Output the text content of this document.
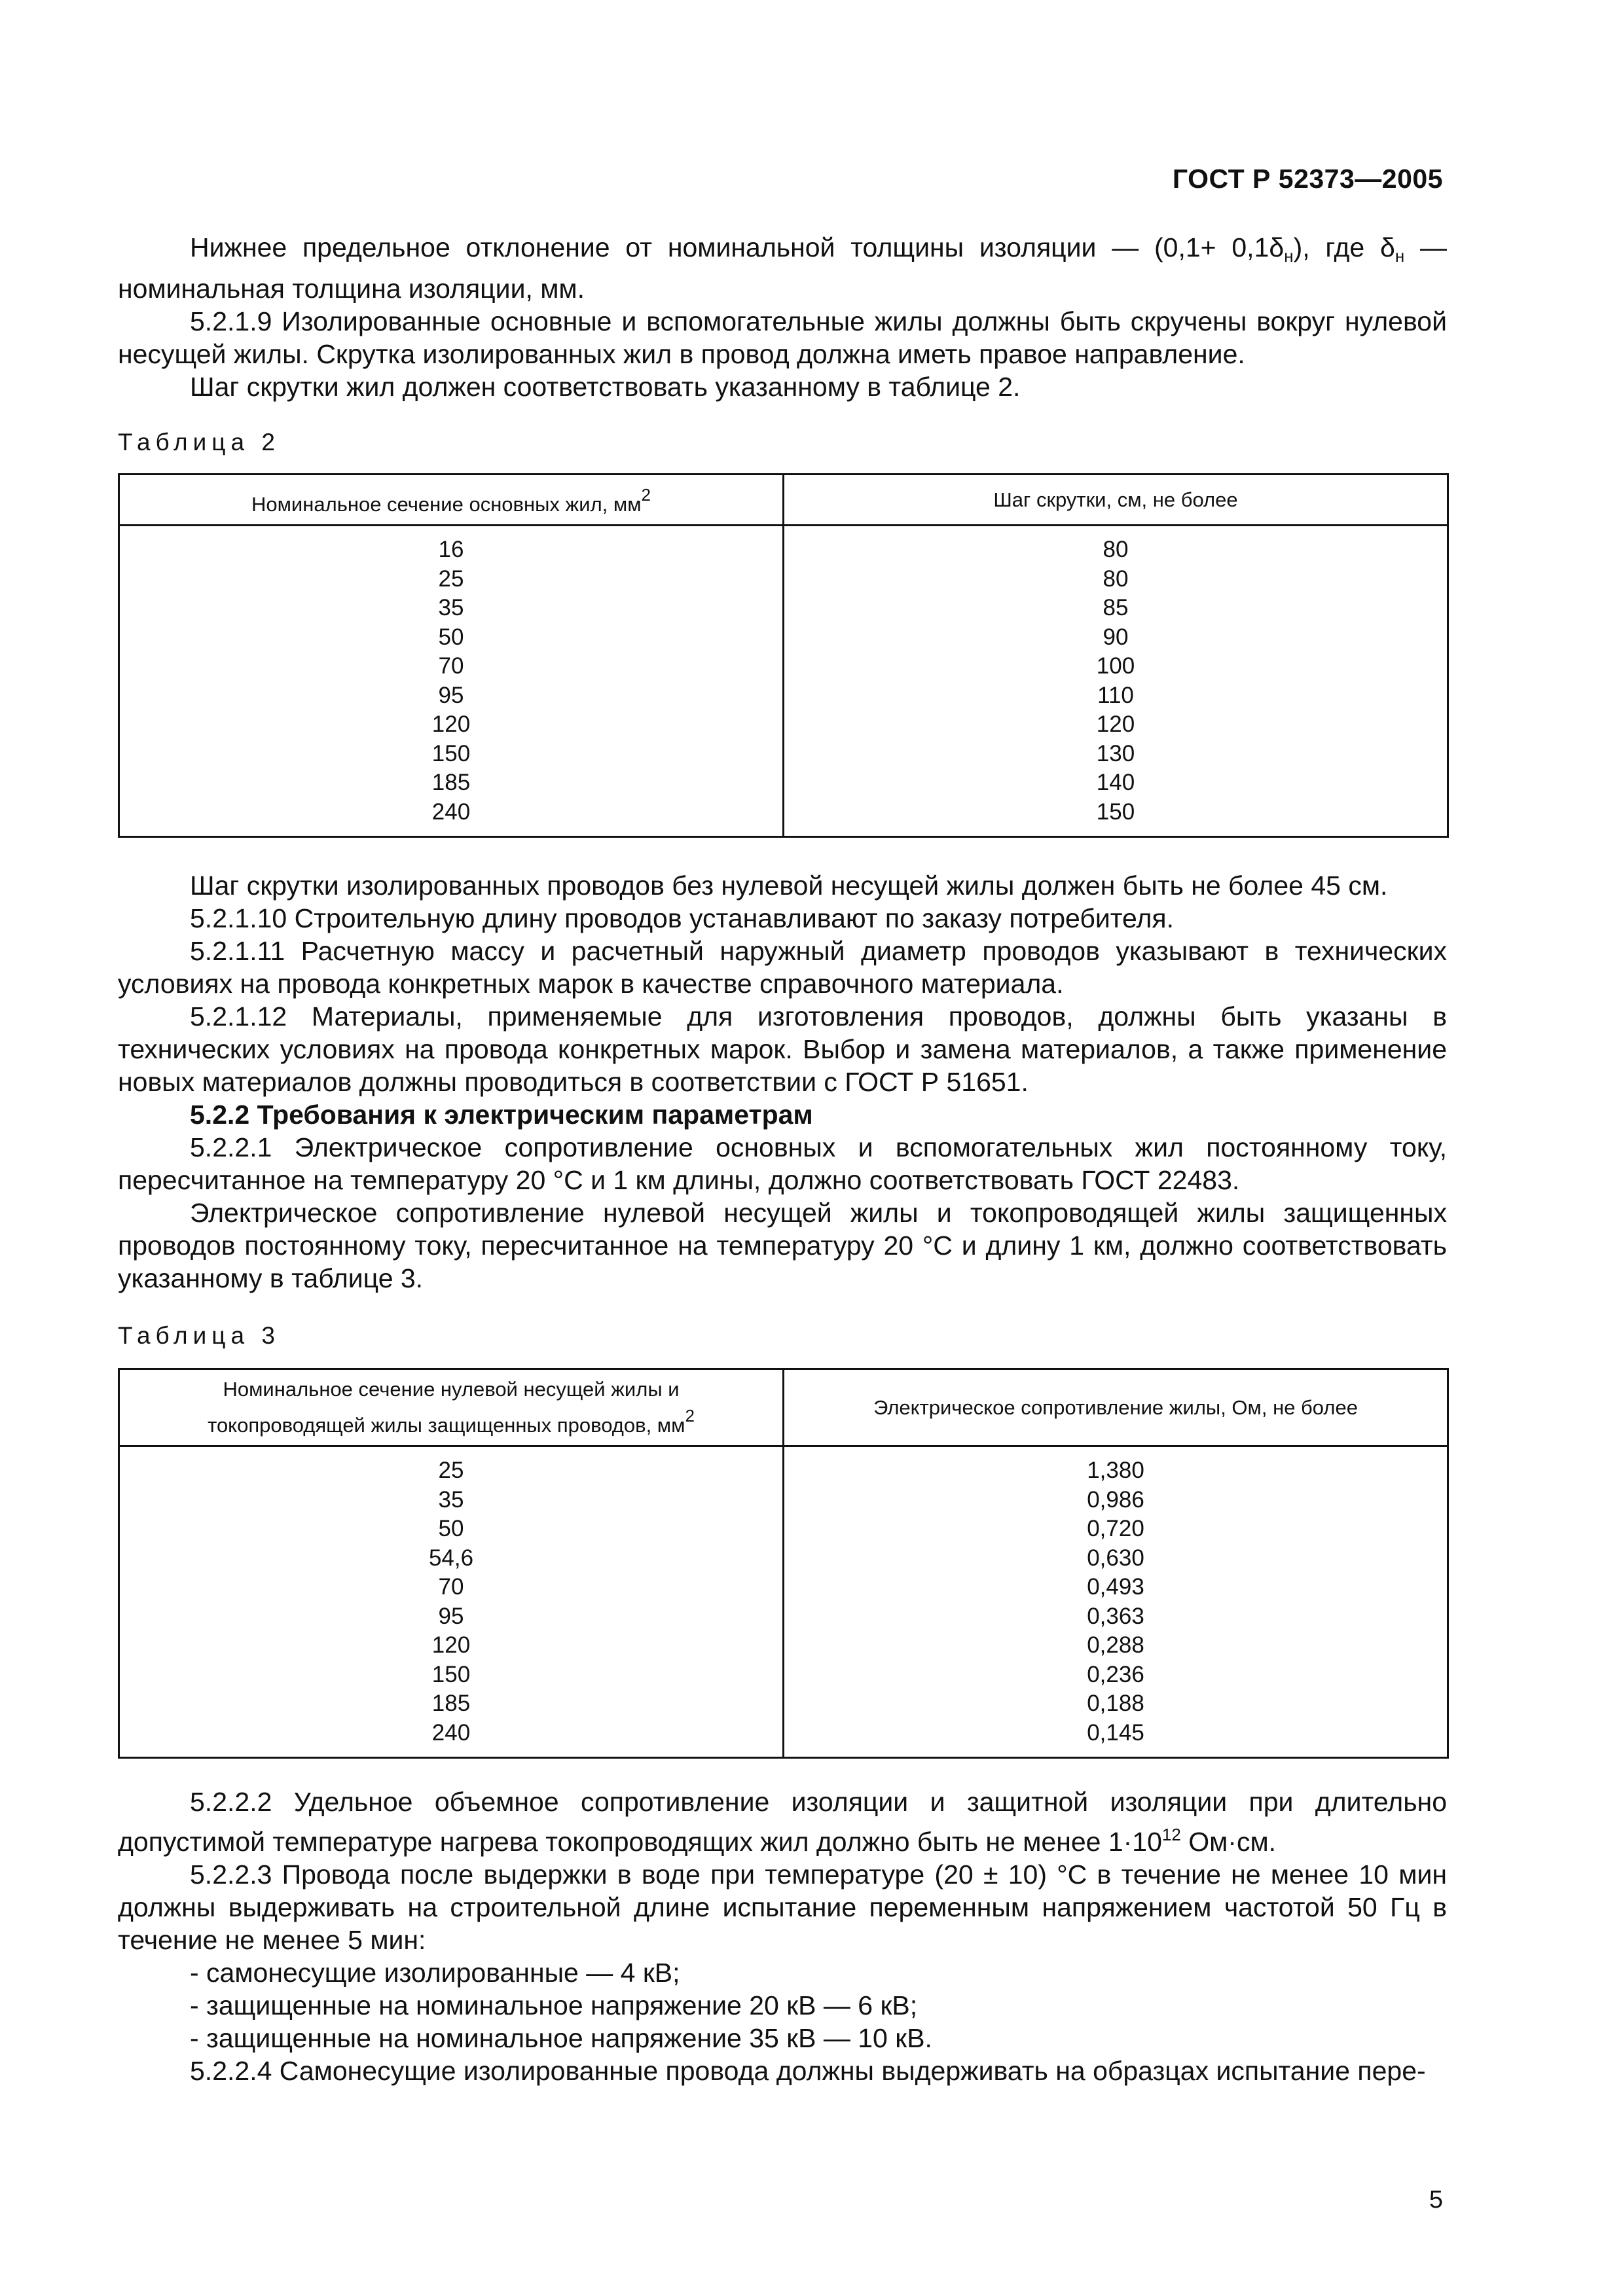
ГОСТ Р 52373—2005

Нижнее предельное отклонение от номинальной толщины изоляции — $(0,1+ 0,1\delta_н)$, где $\delta_н$ — номинальная толщина изоляции, мм.

5.2.1.9 Изолированные основные и вспомогательные жилы должны быть скручены вокруг нулевой несущей жилы. Скрутка изолированных жил в провод должна иметь правое направление.

Шаг скрутки жил должен соответствовать указанному в таблице 2.

Таблица 2

Номинальное сечение основных жил, $мм^2$	Шаг скрутки, см, не более
16	80
25	80
35	85
50	90
70	100
95	110
120	120
150	130
185	140
240	150

Шаг скрутки изолированных проводов без нулевой несущей жилы должен быть не более 45 см.

5.2.1.10 Строительную длину проводов устанавливают по заказу потребителя.

5.2.1.11 Расчетную массу и расчетный наружный диаметр проводов указывают в технических условиях на провода конкретных марок в качестве справочного материала.

5.2.1.12 Материалы, применяемые для изготовления проводов, должны быть указаны в технических условиях на провода конкретных марок. Выбор и замена материалов, а также применение новых материалов должны проводиться в соответствии с ГОСТ Р 51651.

5.2.2 Требования к электрическим параметрам

5.2.2.1 Электрическое сопротивление основных и вспомогательных жил постоянному току, пересчитанное на температуру 20 °С и 1 км длины, должно соответствовать ГОСТ 22483.

Электрическое сопротивление нулевой несущей жилы и токопроводящей жилы защищенных проводов постоянному току, пересчитанное на температуру 20 °С и длину 1 км, должно соответствовать указанному в таблице 3.

Таблица 3

Номинальное сечение нулевой несущей жилы и
токопроводящей жилы защищенных проводов, $мм^2$	Электрическое сопротивление жилы, Ом, не более
25	1,380
35	0,986
50	0,720
54,6	0,630
70	0,493
95	0,363
120	0,288
150	0,236
185	0,188
240	0,145

5.2.2.2 Удельное объемное сопротивление изоляции и защитной изоляции при длительно допустимой температуре нагрева токопроводящих жил должно быть не менее $1\cdot 10^{12}$ Ом·см.

5.2.2.3 Провода после выдержки в воде при температуре (20 ± 10) °С в течение не менее 10 мин должны выдерживать на строительной длине испытание переменным напряжением частотой 50 Гц в течение не менее 5 мин:

- самонесущие изолированные — 4 кВ;

- защищенные на номинальное напряжение 20 кВ — 6 кВ;

- защищенные на номинальное напряжение 35 кВ — 10 кВ.

5.2.2.4 Самонесущие изолированные провода должны выдерживать на образцах испытание пере-

5
